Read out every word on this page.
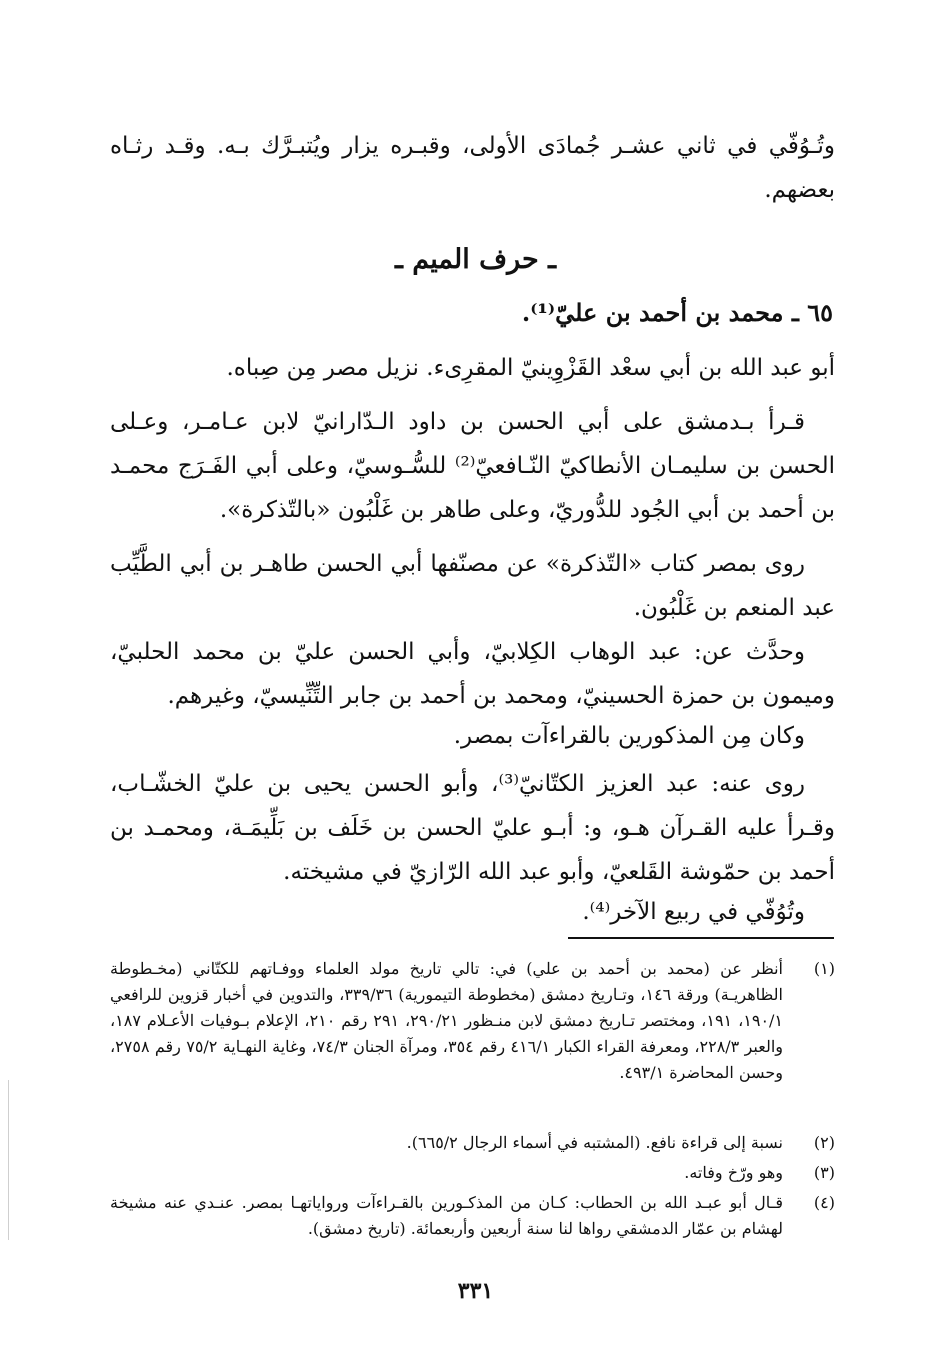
وتُـوُفّي في ثاني عشـر جُمادَى الأولى، وقبـره يزار ويُتبـرَّك بـه. وقـد رثـاه بعضهم.
ـ حرف الميم ـ
٦٥ ـ محمد بن أحمد بن عليّ⁽¹⁾.
أبو عبد الله بن أبي سعْد القَزْوِينيّ المقرِىء. نزيل مصر مِن صِباه.
قـرأ بـدمشق على أبي الحسن بن داود الـدّارانيّ لابن عـامـر، وعـلى الحسن بن سليمـان الأنطاكيّ النّـافعيّ⁽²⁾ للسُّـوسيّ، وعلى أبي الفَـرَج محمـد بن أحمد بن أبي الجُود للدُّوريّ، وعلى طاهر بن غَلْبُون «بالتّذكرة».
روى بمصر كتاب «التّذكرة» عن مصنّفها أبي الحسن طاهـر بن أبي الطَّيِّب عبد المنعم بن غَلْبُون.
وحدَّث عن: عبد الوهاب الكِلابيّ، وأبي الحسن عليّ بن محمد الحلبيّ، وميمون بن حمزة الحسينيّ، ومحمد بن أحمد بن جابر التِّنِّيسيّ، وغيرهم.
وكان مِن المذكورين بالقراءآت بمصر.
روى عنه: عبد العزيز الكتّانيّ⁽³⁾، وأبو الحسن يحيى بن عليّ الخشّـاب، وقـرأ عليه القـرآن هـو، و: أبـو عليّ الحسن بن خَلَف بن بَلِّيمَـة، ومحمـد بن أحمد بن حمّوشة القَلعيّ، وأبو عبد الله الرّازيّ في مشيخته.
وتُوُفّي في ربيع الآخر⁽⁴⁾.
(١)
أنظر عن (محمد بن أحمد بن علي) في: تالي تاريخ مولد العلماء ووفـاتهم للكتّاني (مخـطوطة الظاهريـة) ورقة ١٤٦، وتـاريخ دمشق (مخطوطة التيمورية) ٣٣٩/٣٦، والتدوين في أخبار قزوين للرافعي ١٩٠/١، ١٩١، ومختصر تـاريخ دمشق لابن منـظور ٢٩٠/٢١، ٢٩١ رقم ٢١٠، الإعلام بـوفيات الأعـلام ١٨٧، والعبر ٢٢٨/٣، ومعرفة القراء الكبار ٤١٦/١ رقم ٣٥٤، ومرآة الجنان ٧٤/٣، وغاية النهـاية ٧٥/٢ رقم ٢٧٥٨، وحسن المحاضرة ٤٩٣/١.
(٢)
نسبة إلى قراءة نافع. (المشتبه في أسماء الرجال ٦٦٥/٢).
(٣)
وهو ورّخ وفاته.
(٤)
قـال أبو عبـد الله بن الحطاب: كـان من المذكـورين بالقـراءآت ورواياتهـا بمصر. عنـدي عنه مشيخة لهشام بن عمّار الدمشقي رواها لنا سنة أربعين وأربعمائة. (تاريخ دمشق).
٣٣١
